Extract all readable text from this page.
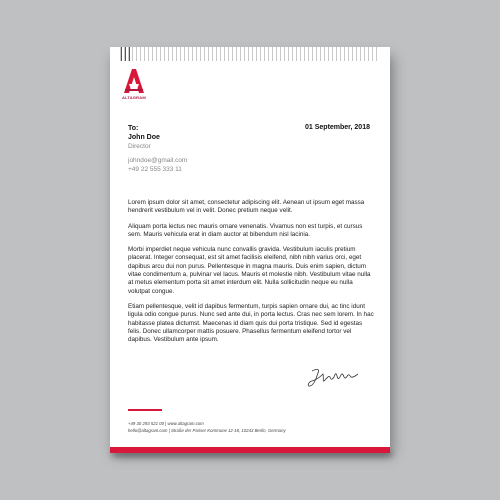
ALTAGRAM
To:
John Doe
Director
johndoe@gmail.com
+49 22 555 333 11
01 September, 2018

Lorem ipsum dolor sit amet, consectetur adipiscing elit. Aenean ut ipsum eget massa hendrerit vestibulum vel in velit. Donec pretium neque velit.

Aliquam porta lectus nec mauris ornare venenatis. Vivamus non est turpis, et cursus sem. Mauris vehicula erat in diam auctor at bibendum nisl lacinia.

Morbi imperdiet neque vehicula nunc convallis gravida. Vestibulum iaculis pretium placerat. Integer consequat, est sit amet facilisis eleifend, nibh nibh varius orci, eget dapibus arcu dui non purus. Pellentesque in magna mauris. Duis enim sapien, dictum vitae condimentum a, pulvinar vel lacus. Mauris et molestie nibh. Vestibulum vitae nulla at metus elementum porta sit amet interdum elit. Nulla sollicitudin neque eu nulla volutpat congue.

Etiam pellentesque, velit id dapibus fermentum, turpis sapien ornare dui, ac tinc idunt ligula odio congue purus. Nunc sed ante dui, in porta lectus. Cras nec sem lorem. In hac habitasse platea dictumst. Maecenas id diam quis dui porta tristique. Sed id egestas felis. Donec ullamcorper mattis posuere. Phasellus fermentum eleifend tortor vel dapibus. Vestibulum ante ipsum.

+49 30 293 521 00 | www.altagram.com
hello@altagram.com | Straße der Pariser Kommune 12-18, 10243 Berlin, Germany
